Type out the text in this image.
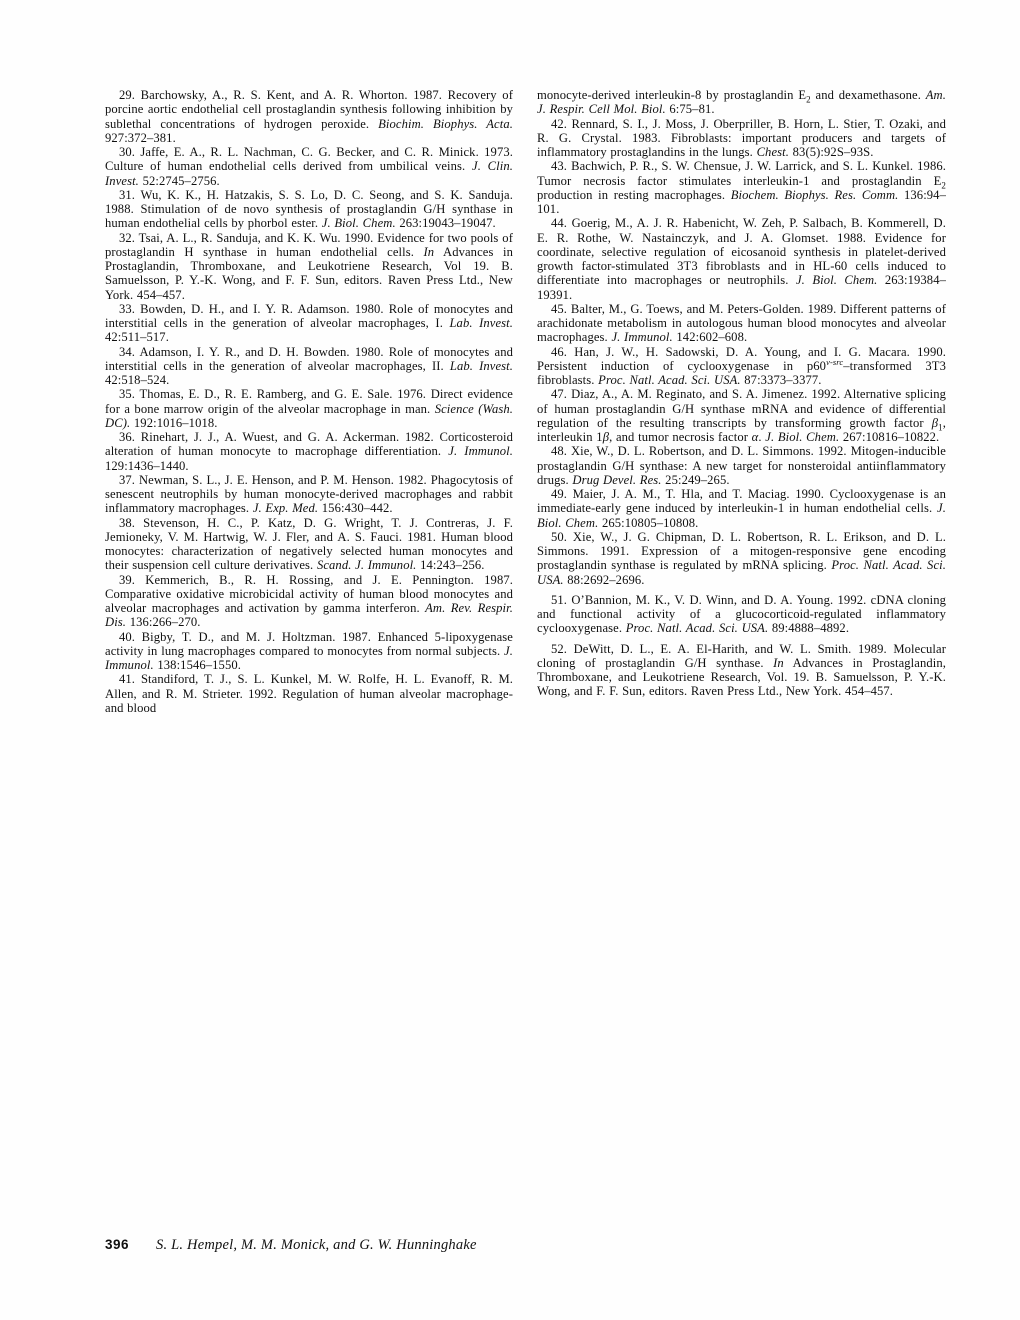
29. Barchowsky, A., R. S. Kent, and A. R. Whorton. 1987. Recovery of porcine aortic endothelial cell prostaglandin synthesis following inhibition by sublethal concentrations of hydrogen peroxide. Biochim. Biophys. Acta. 927:372–381.

30. Jaffe, E. A., R. L. Nachman, C. G. Becker, and C. R. Minick. 1973. Culture of human endothelial cells derived from umbilical veins. J. Clin. Invest. 52:2745–2756.

31. Wu, K. K., H. Hatzakis, S. S. Lo, D. C. Seong, and S. K. Sanduja. 1988. Stimulation of de novo synthesis of prostaglandin G/H synthase in human endothelial cells by phorbol ester. J. Biol. Chem. 263:19043–19047.

32. Tsai, A. L., R. Sanduja, and K. K. Wu. 1990. Evidence for two pools of prostaglandin H synthase in human endothelial cells. In Advances in Prostaglandin, Thromboxane, and Leukotriene Research, Vol 19. B. Samuelsson, P. Y.-K. Wong, and F. F. Sun, editors. Raven Press Ltd., New York. 454–457.

33. Bowden, D. H., and I. Y. R. Adamson. 1980. Role of monocytes and interstitial cells in the generation of alveolar macrophages, I. Lab. Invest. 42:511–517.

34. Adamson, I. Y. R., and D. H. Bowden. 1980. Role of monocytes and interstitial cells in the generation of alveolar macrophages, II. Lab. Invest. 42:518–524.

35. Thomas, E. D., R. E. Ramberg, and G. E. Sale. 1976. Direct evidence for a bone marrow origin of the alveolar macrophage in man. Science (Wash. DC). 192:1016–1018.

36. Rinehart, J. J., A. Wuest, and G. A. Ackerman. 1982. Corticosteroid alteration of human monocyte to macrophage differentiation. J. Immunol. 129:1436–1440.

37. Newman, S. L., J. E. Henson, and P. M. Henson. 1982. Phagocytosis of senescent neutrophils by human monocyte-derived macrophages and rabbit inflammatory macrophages. J. Exp. Med. 156:430–442.

38. Stevenson, H. C., P. Katz, D. G. Wright, T. J. Contreras, J. F. Jemioneky, V. M. Hartwig, W. J. Fler, and A. S. Fauci. 1981. Human blood monocytes: characterization of negatively selected human monocytes and their suspension cell culture derivatives. Scand. J. Immunol. 14:243–256.

39. Kemmerich, B., R. H. Rossing, and J. E. Pennington. 1987. Comparative oxidative microbicidal activity of human blood monocytes and alveolar macrophages and activation by gamma interferon. Am. Rev. Respir. Dis. 136:266–270.

40. Bigby, T. D., and M. J. Holtzman. 1987. Enhanced 5-lipoxygenase activity in lung macrophages compared to monocytes from normal subjects. J. Immunol. 138:1546–1550.

41. Standiford, T. J., S. L. Kunkel, M. W. Rolfe, H. L. Evanoff, R. M. Allen, and R. M. Strieter. 1992. Regulation of human alveolar macrophage- and blood

monocyte-derived interleukin-8 by prostaglandin $E_2$ and dexamethasone. Am. J. Respir. Cell Mol. Biol. 6:75–81.

42. Rennard, S. I., J. Moss, J. Oberpriller, B. Horn, L. Stier, T. Ozaki, and R. G. Crystal. 1983. Fibroblasts: important producers and targets of inflammatory prostaglandins in the lungs. Chest. 83(5):92S–93S.

43. Bachwich, P. R., S. W. Chensue, J. W. Larrick, and S. L. Kunkel. 1986. Tumor necrosis factor stimulates interleukin-1 and prostaglandin $E_2$ production in resting macrophages. Biochem. Biophys. Res. Comm. 136:94–101.

44. Goerig, M., A. J. R. Habenicht, W. Zeh, P. Salbach, B. Kommerell, D. E. R. Rothe, W. Nastainczyk, and J. A. Glomset. 1988. Evidence for coordinate, selective regulation of eicosanoid synthesis in platelet-derived growth factor-stimulated 3T3 fibroblasts and in HL-60 cells induced to differentiate into macrophages or neutrophils. J. Biol. Chem. 263:19384–19391.

45. Balter, M., G. Toews, and M. Peters-Golden. 1989. Different patterns of arachidonate metabolism in autologous human blood monocytes and alveolar macrophages. J. Immunol. 142:602–608.

46. Han, J. W., H. Sadowski, D. A. Young, and I. G. Macara. 1990. Persistent induction of cyclooxygenase in $p60^{v-src}$–transformed 3T3 fibroblasts. Proc. Natl. Acad. Sci. USA. 87:3373–3377.

47. Diaz, A., A. M. Reginato, and S. A. Jimenez. 1992. Alternative splicing of human prostaglandin G/H synthase mRNA and evidence of differential regulation of the resulting transcripts by transforming growth factor $\beta_1$, interleukin 1β, and tumor necrosis factor α. J. Biol. Chem. 267:10816–10822.

48. Xie, W., D. L. Robertson, and D. L. Simmons. 1992. Mitogen-inducible prostaglandin G/H synthase: A new target for nonsteroidal antiinflammatory drugs. Drug Devel. Res. 25:249–265.

49. Maier, J. A. M., T. Hla, and T. Maciag. 1990. Cyclooxygenase is an immediate-early gene induced by interleukin-1 in human endothelial cells. J. Biol. Chem. 265:10805–10808.

50. Xie, W., J. G. Chipman, D. L. Robertson, R. L. Erikson, and D. L. Simmons. 1991. Expression of a mitogen-responsive gene encoding prostaglandin synthase is regulated by mRNA splicing. Proc. Natl. Acad. Sci. USA. 88:2692–2696.

51. O’Bannion, M. K., V. D. Winn, and D. A. Young. 1992. cDNA cloning and functional activity of a glucocorticoid-regulated inflammatory cyclooxygenase. Proc. Natl. Acad. Sci. USA. 89:4888–4892.

52. DeWitt, D. L., E. A. El-Harith, and W. L. Smith. 1989. Molecular cloning of prostaglandin G/H synthase. In Advances in Prostaglandin, Thromboxane, and Leukotriene Research, Vol. 19. B. Samuelsson, P. Y.-K. Wong, and F. F. Sun, editors. Raven Press Ltd., New York. 454–457.

396 S. L. Hempel, M. M. Monick, and G. W. Hunninghake
